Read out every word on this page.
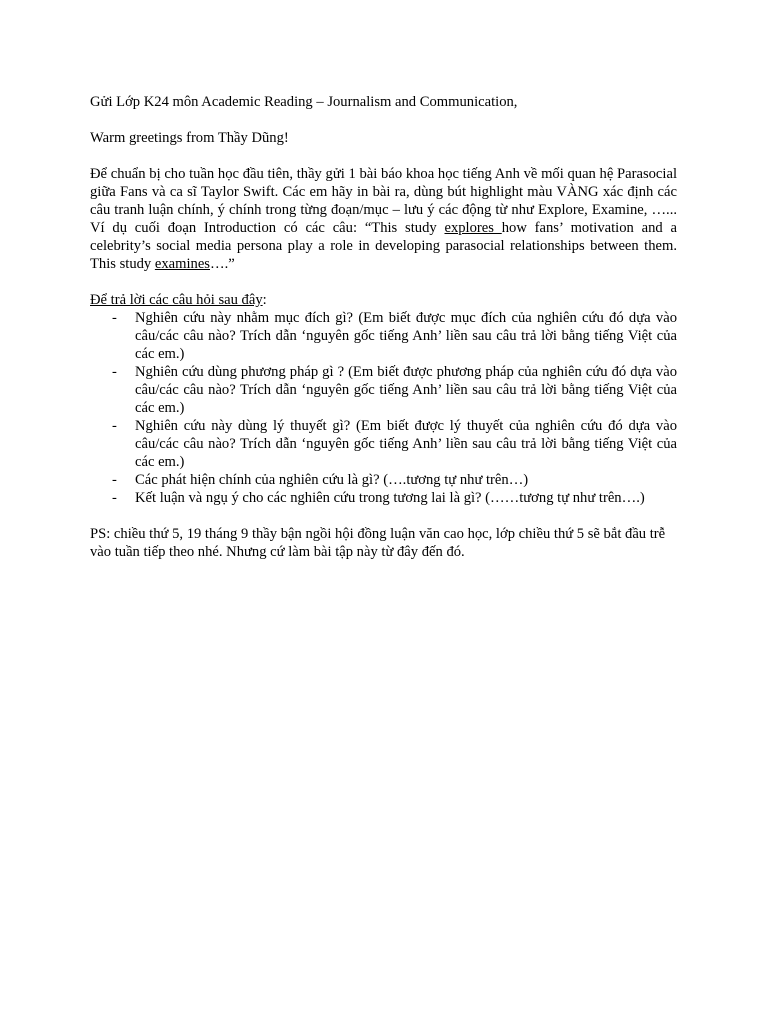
Gửi Lớp K24 môn Academic Reading – Journalism and Communication,

Warm greetings from Thầy Dũng!

Để chuẩn bị cho tuần học đầu tiên, thầy gửi 1 bài báo khoa học tiếng Anh về mối quan hệ Parasocial giữa Fans và ca sĩ Taylor Swift. Các em hãy in bài ra, dùng bút highlight màu VÀNG xác định các câu tranh luận chính, ý chính trong từng đoạn/mục – lưu ý các động từ như Explore, Examine, …... Ví dụ cuối đoạn Introduction có các câu: “This study explores how fans’ motivation and a celebrity’s social media persona play a role in developing parasocial relationships between them. This study examines….”

Để trả lời các câu hỏi sau đây:

- Nghiên cứu này nhằm mục đích gì? (Em biết được mục đích của nghiên cứu đó dựa vào câu/các câu nào? Trích dẫn ‘nguyên gốc tiếng Anh’ liền sau câu trả lời bằng tiếng Việt của các em.)
- Nghiên cứu dùng phương pháp gì ? (Em biết được phương pháp của nghiên cứu đó dựa vào câu/các câu nào? Trích dẫn ‘nguyên gốc tiếng Anh’ liền sau câu trả lời bằng tiếng Việt của các em.)
- Nghiên cứu này dùng lý thuyết gì? (Em biết được lý thuyết của nghiên cứu đó dựa vào câu/các câu nào? Trích dẫn ‘nguyên gốc tiếng Anh’ liền sau câu trả lời bằng tiếng Việt của các em.)
- Các phát hiện chính của nghiên cứu là gì? (….tương tự như trên…)
- Kết luận và ngụ ý cho các nghiên cứu trong tương lai là gì? (……tương tự như trên….)

PS: chiều thứ 5, 19 tháng 9 thầy bận ngồi hội đồng luận văn cao học, lớp chiều thứ 5 sẽ bắt đầu trễ vào tuần tiếp theo nhé. Nhưng cứ làm bài tập này từ đây đến đó.
